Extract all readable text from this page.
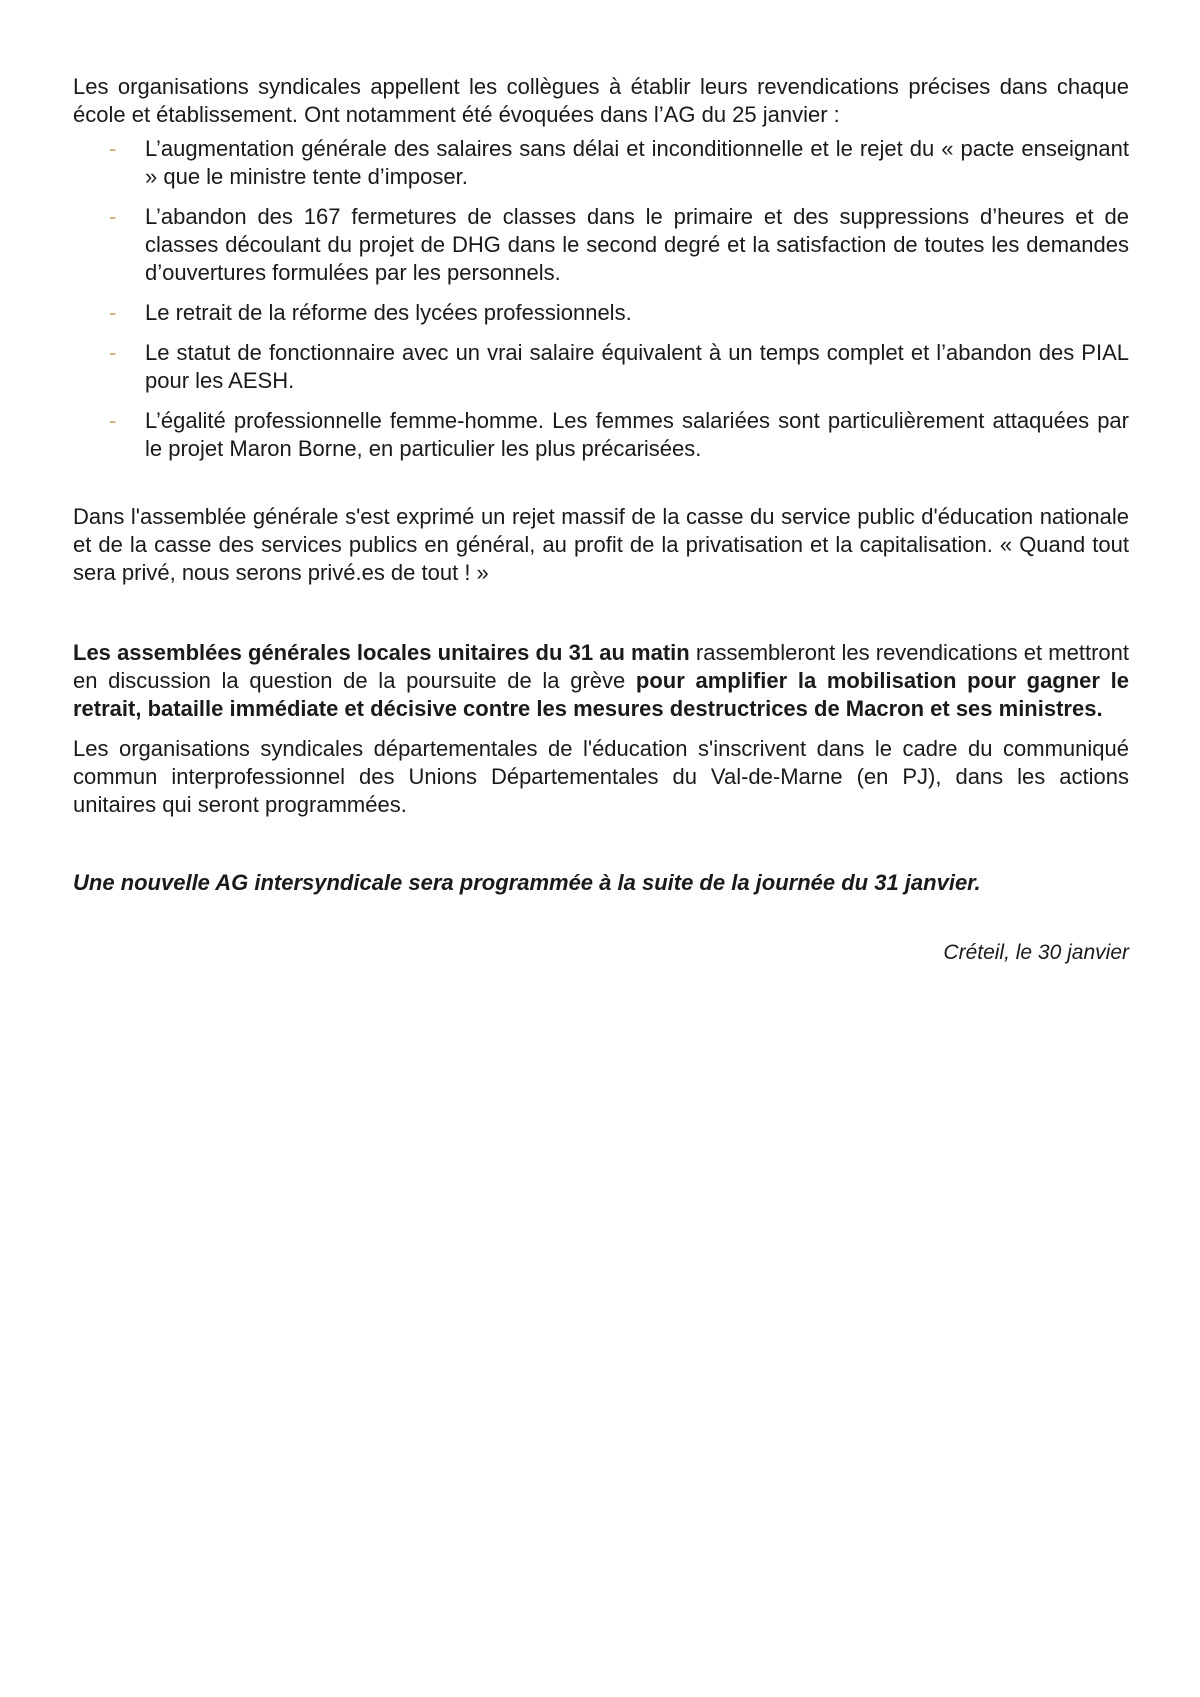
Les organisations syndicales appellent les collègues à établir leurs revendications précises dans chaque école et établissement. Ont notamment été évoquées dans l’AG du 25 janvier :

- L’augmentation générale des salaires sans délai et inconditionnelle et le rejet du « pacte enseignant » que le ministre tente d’imposer.
- L’abandon des 167 fermetures de classes dans le primaire et des suppressions d’heures et de classes découlant du projet de DHG dans le second degré et la satisfaction de toutes les demandes d’ouvertures formulées par les personnels.
- Le retrait de la réforme des lycées professionnels.
- Le statut de fonctionnaire avec un vrai salaire équivalent à un temps complet et l’abandon des PIAL pour les AESH.
- L’égalité professionnelle femme-homme. Les femmes salariées sont particulièrement attaquées par le projet Maron Borne, en particulier les plus précarisées.

Dans l'assemblée générale s'est exprimé un rejet massif de la casse du service public d'éducation nationale et de la casse des services publics en général, au profit de la privatisation et la capitalisation. « Quand tout sera privé, nous serons privé.es de tout ! »

Les assemblées générales locales unitaires du 31 au matin rassembleront les revendications et mettront en discussion la question de la poursuite de la grève pour amplifier la mobilisation pour gagner le retrait, bataille immédiate et décisive contre les mesures destructrices de Macron et ses ministres.

Les organisations syndicales départementales de l'éducation s'inscrivent dans le cadre du communiqué commun interprofessionnel des Unions Départementales du Val-de-Marne (en PJ), dans les actions unitaires qui seront programmées.

Une nouvelle AG intersyndicale sera programmée à la suite de la journée du 31 janvier.

Créteil, le 30 janvier
